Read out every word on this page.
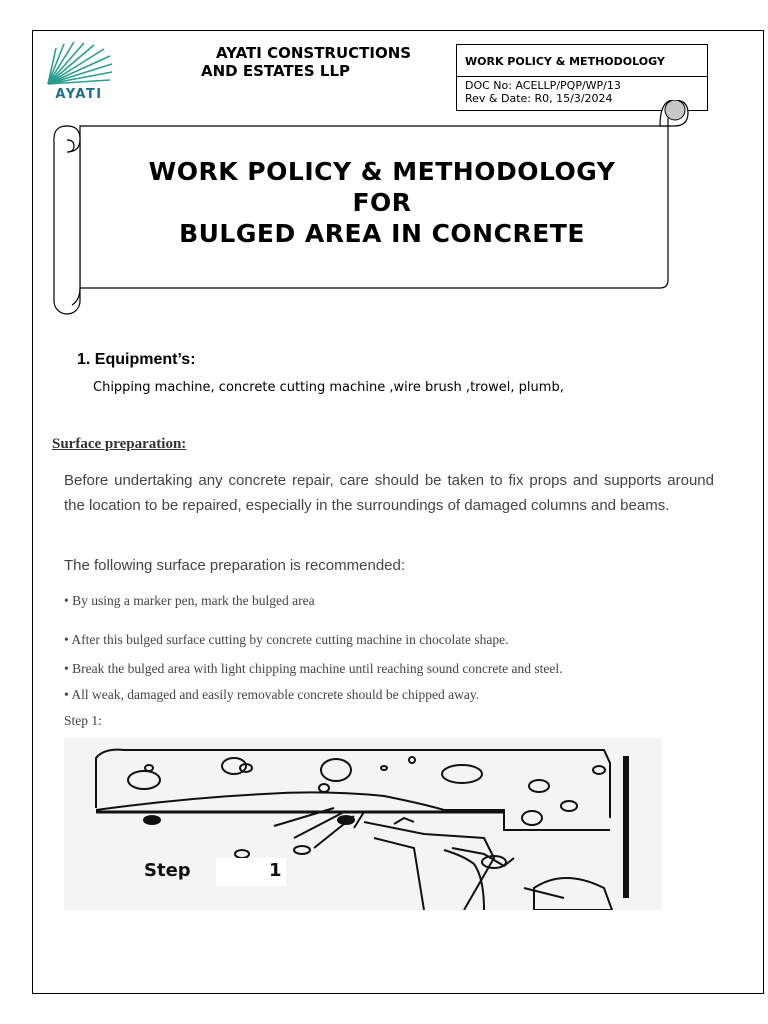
AYATI
AYATI CONSTRUCTIONS
AND ESTATES LLP
WORK POLICY & METHODOLOGY
DOC No: ACELLP/PQP/WP/13
Rev & Date: R0, 15/3/2024
WORK POLICY & METHODOLOGY
FOR
BULGED AREA IN CONCRETE
1. Equipment’s:
Chipping machine, concrete cutting machine ,wire brush ,trowel, plumb,
Surface preparation:
Before undertaking any concrete repair, care should be taken to fix props and supports around the location to be repaired, especially in the surroundings of damaged columns and beams.
The following surface preparation is recommended:
• By using a marker pen, mark the bulged area
• After this bulged surface cutting by concrete cutting machine in chocolate shape.
• Break the bulged area with light chipping machine until reaching sound concrete and steel.
• All weak, damaged and easily removable concrete should be chipped away.
Step 1:
Step	1
